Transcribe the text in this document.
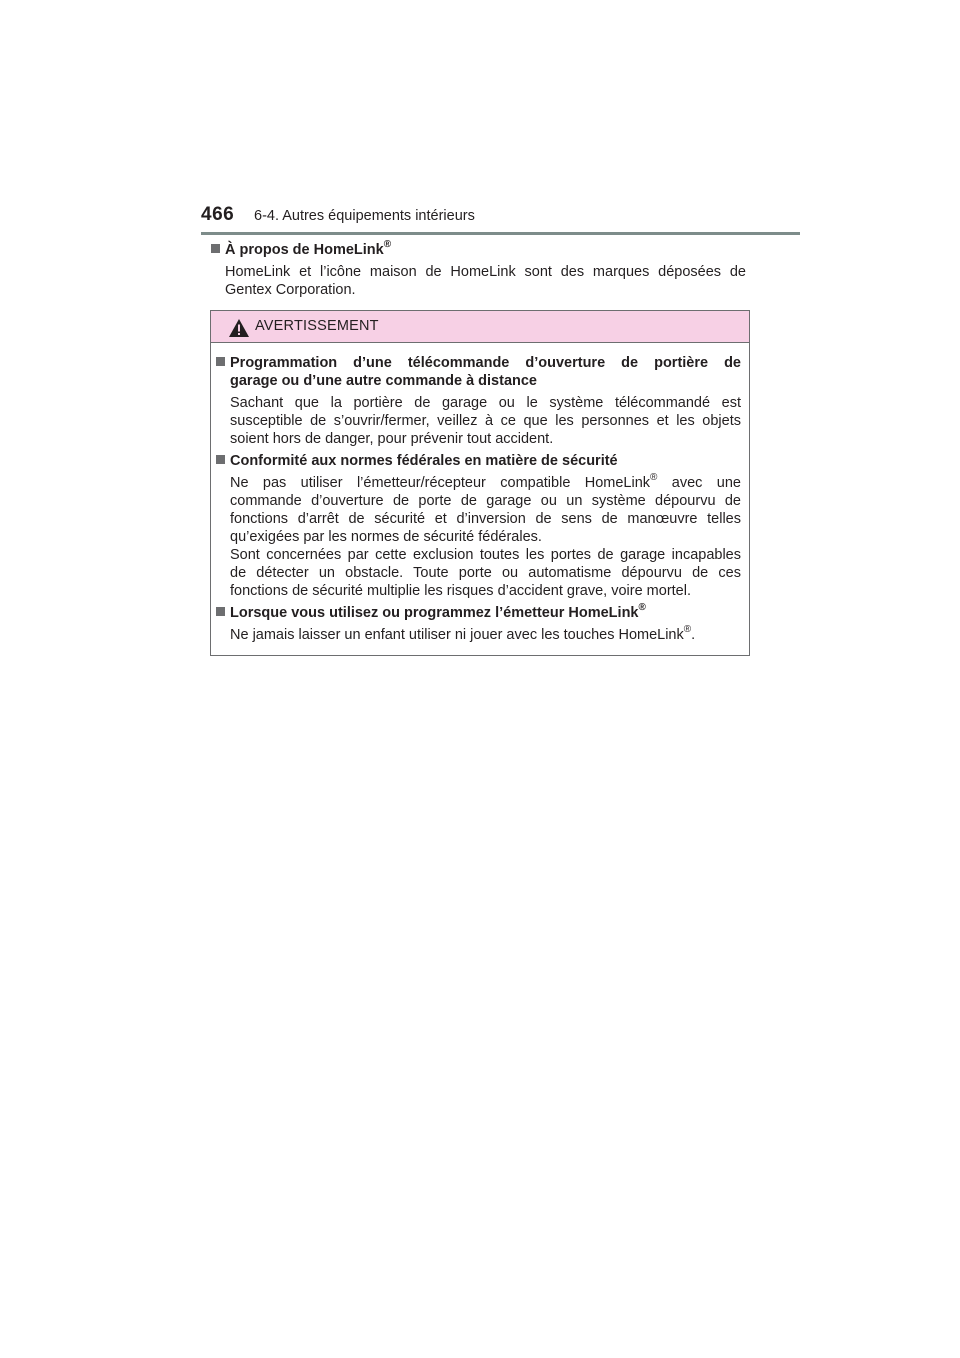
466 6-4. Autres équipements intérieurs
À propos de HomeLink®
HomeLink et l’icône maison de HomeLink sont des marques déposées de
Gentex Corporation.
AVERTISSEMENT
Programmation d’une télécommande d’ouverture de portière de
garage ou d’une autre commande à distance
Sachant que la portière de garage ou le système télécommandé est
susceptible de s’ouvrir/fermer, veillez à ce que les personnes et les objets
soient hors de danger, pour prévenir tout accident.
Conformité aux normes fédérales en matière de sécurité
Ne pas utiliser l’émetteur/récepteur compatible HomeLink® avec une
commande d’ouverture de porte de garage ou un système dépourvu de
fonctions d’arrêt de sécurité et d’inversion de sens de manœuvre telles
qu’exigées par les normes de sécurité fédérales.
Sont concernées par cette exclusion toutes les portes de garage incapables
de détecter un obstacle. Toute porte ou automatisme dépourvu de ces
fonctions de sécurité multiplie les risques d’accident grave, voire mortel.
Lorsque vous utilisez ou programmez l’émetteur HomeLink®
Ne jamais laisser un enfant utiliser ni jouer avec les touches HomeLink®.
